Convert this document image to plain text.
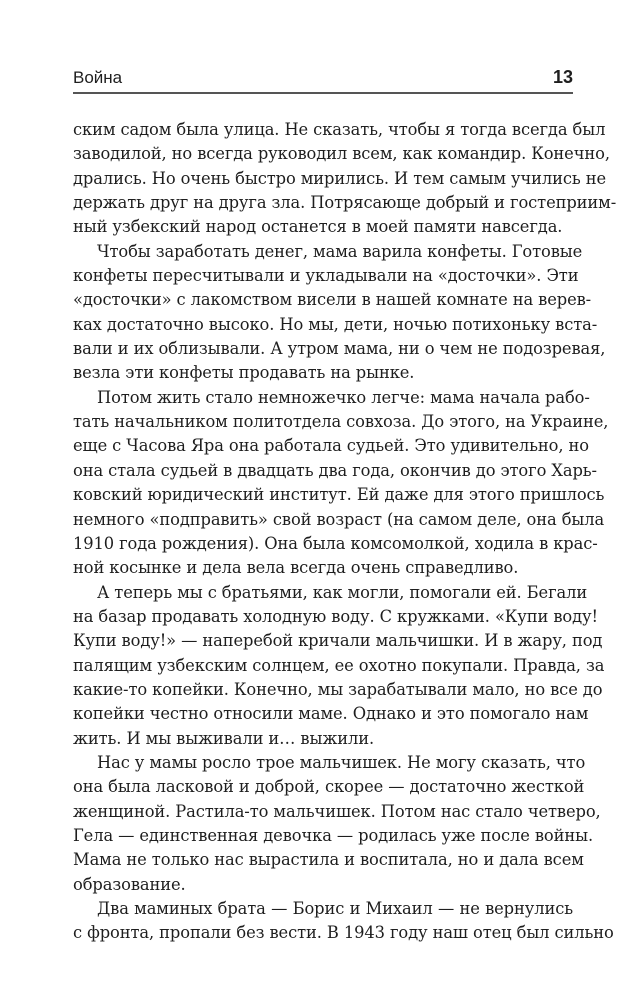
Война	13
ским садом была улица. Не сказать, чтобы я тогда всегда был
заводилой, но всегда руководил всем, как командир. Конечно,
дрались. Но очень быстро мирились. И тем самым учились не
держать друг на друга зла. Потрясающе добрый и гостеприим-
ный узбекский народ останется в моей памяти навсегда.
Чтобы заработать денег, мама варила конфеты. Готовые
конфеты пересчитывали и укладывали на «досточки». Эти
«досточки» с лакомством висели в нашей комнате на верев-
ках достаточно высоко. Но мы, дети, ночью потихоньку вста-
вали и их облизывали. А утром мама, ни о чем не подозревая,
везла эти конфеты продавать на рынке.
Потом жить стало немножечко легче: мама начала рабо-
тать начальником политотдела совхоза. До этого, на Украине,
еще с Часова Яра она работала судьей. Это удивительно, но
она стала судьей в двадцать два года, окончив до этого Харь-
ковский юридический институт. Ей даже для этого пришлось
немного «подправить» свой возраст (на самом деле, она была
1910 года рождения). Она была комсомолкой, ходила в крас-
ной косынке и дела вела всегда очень справедливо.
А теперь мы с братьями, как могли, помогали ей. Бегали
на базар продавать холодную воду. С кружками. «Купи воду!
Купи воду!» — наперебой кричали мальчишки. И в жару, под
палящим узбекским солнцем, ее охотно покупали. Правда, за
какие-то копейки. Конечно, мы зарабатывали мало, но все до
копейки честно относили маме. Однако и это помогало нам
жить. И мы выживали и… выжили.
Нас у мамы росло трое мальчишек. Не могу сказать, что
она была ласковой и доброй, скорее — достаточно жесткой
женщиной. Растила-то мальчишек. Потом нас стало четверо,
Гела — единственная девочка — родилась уже после войны.
Мама не только нас вырастила и воспитала, но и дала всем
образование.
Два маминых брата — Борис и Михаил — не вернулись
с фронта, пропали без вести. В 1943 году наш отец был сильно
